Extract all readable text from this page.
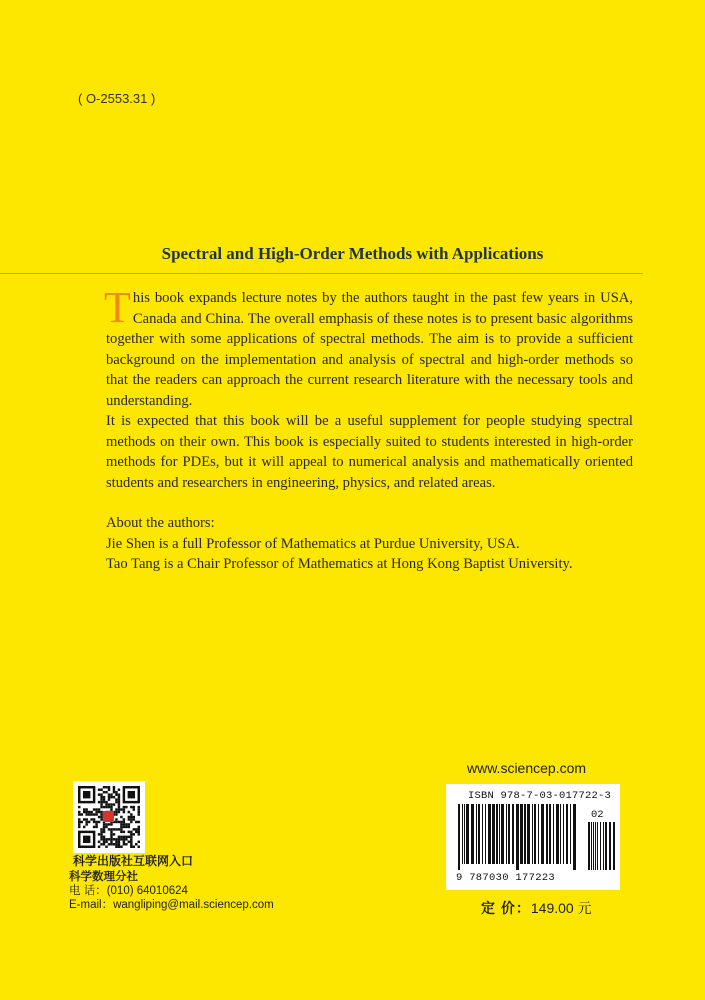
( O-2553.31 )
Spectral and High-Order Methods with Applications

This book expands lecture notes by the authors taught in the past few years in USA, Canada and China. The overall emphasis of these notes is to present basic algorithms together with some applications of spectral methods. The aim is to provide a sufficient background on the implementation and analysis of spectral and high-order methods so that the readers can approach the current research literature with the necessary tools and understanding.

It is expected that this book will be a useful supplement for people studying spectral methods on their own. This book is especially suited to students interested in high-order methods for PDEs, but it will appeal to numerical analysis and mathematically oriented students and researchers in engineering, physics, and related areas.

About the authors:

Jie Shen is a full Professor of Mathematics at Purdue University, USA.

Tao Tang is a Chair Professor of Mathematics at Hong Kong Baptist University.

科学出版社互联网入口
科学数理分社
电 话：(010) 64010624
E-mail：wangliping@mail.sciencep.com
www.sciencep.com
ISBN 978-7-03-017722-3
02
9 787030 177223
定 价：149.00 元
